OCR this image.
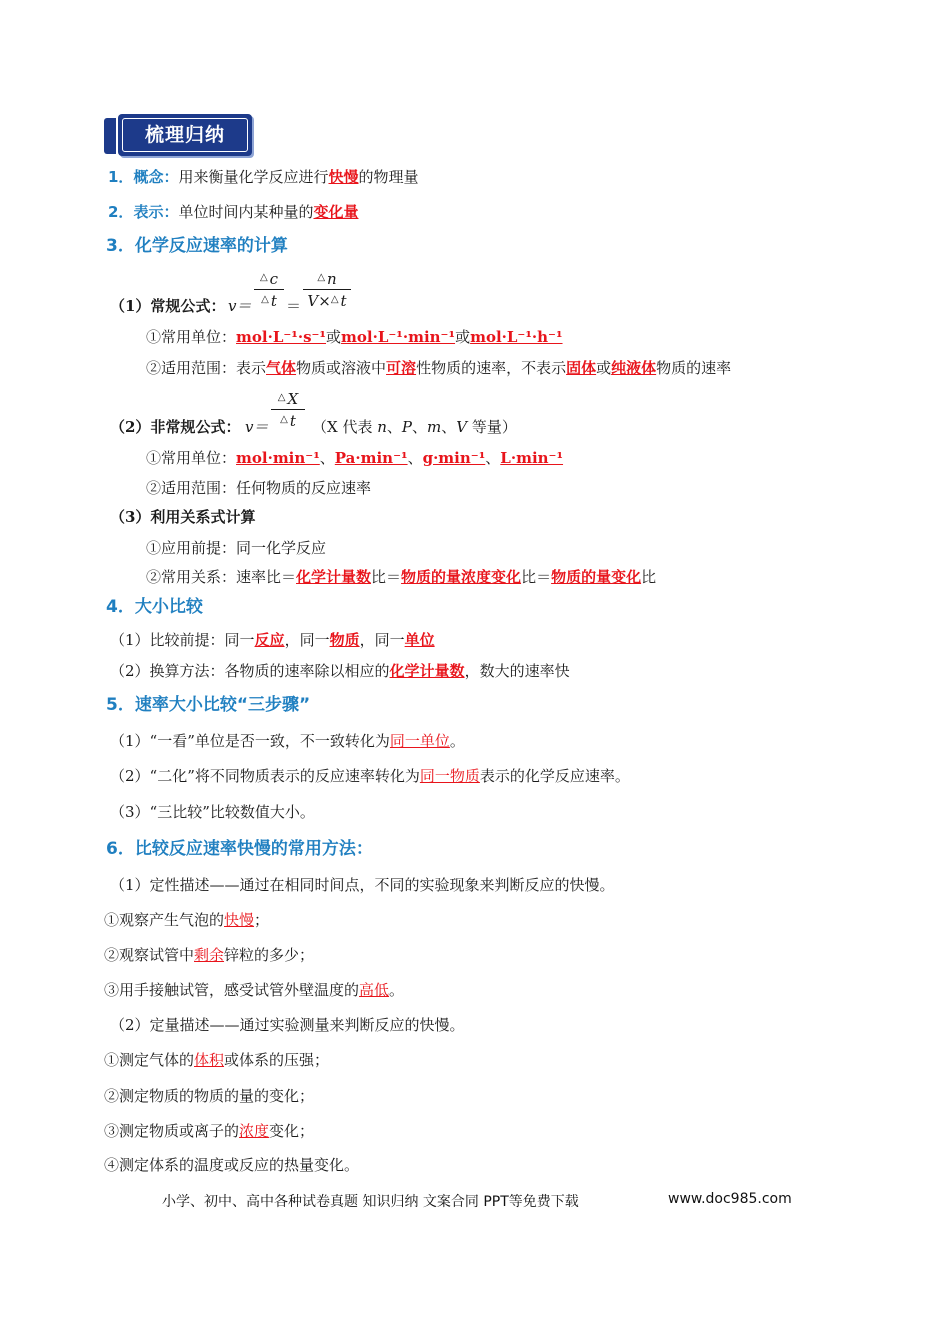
梳理归纳
1．概念：用来衡量化学反应进行快慢的物理量
2．表示：单位时间内某种量的变化量
3．化学反应速率的计算
（1）常规公式： v＝
△ c
△ t ＝
△ n
V×△ t
①常用单位：mol·L⁻¹·s⁻¹或mol·L⁻¹·min⁻¹或mol·L⁻¹·h⁻¹
②适用范围：表示气体物质或溶液中可溶性物质的速率，不表示固体或纯液体物质的速率
（2）非常规公式： v＝
△ X
△ t	（X 代表 n、P、m、V 等量）
①常用单位：mol·min⁻¹、Pa·min⁻¹、g·min⁻¹、L·min⁻¹
②适用范围：任何物质的反应速率
（3）利用关系式计算
①应用前提：同一化学反应
②常用关系：速率比＝化学计量数比＝物质的量浓度变化比＝物质的量变化比
4．大小比较
（1）比较前提：同一反应，同一物质，同一单位
（2）换算方法：各物质的速率除以相应的化学计量数，数大的速率快
5．速率大小比较“三步骤”
（1）“一看”单位是否一致，不一致转化为同一单位。
（2）“二化”将不同物质表示的反应速率转化为同一物质表示的化学反应速率。
（3）“三比较”比较数值大小。
6．比较反应速率快慢的常用方法：
（1）定性描述——通过在相同时间点，不同的实验现象来判断反应的快慢。
①观察产生气泡的快慢；
②观察试管中剩余锌粒的多少；
③用手接触试管，感受试管外壁温度的高低。
（2）定量描述——通过实验测量来判断反应的快慢。
①测定气体的体积或体系的压强；
②测定物质的物质的量的变化；
③测定物质或离子的浓度变化；
④测定体系的温度或反应的热量变化。
小学、初中、高中各种试卷真题 知识归纳 文案合同 PPT等免费下载	www.doc985.com
